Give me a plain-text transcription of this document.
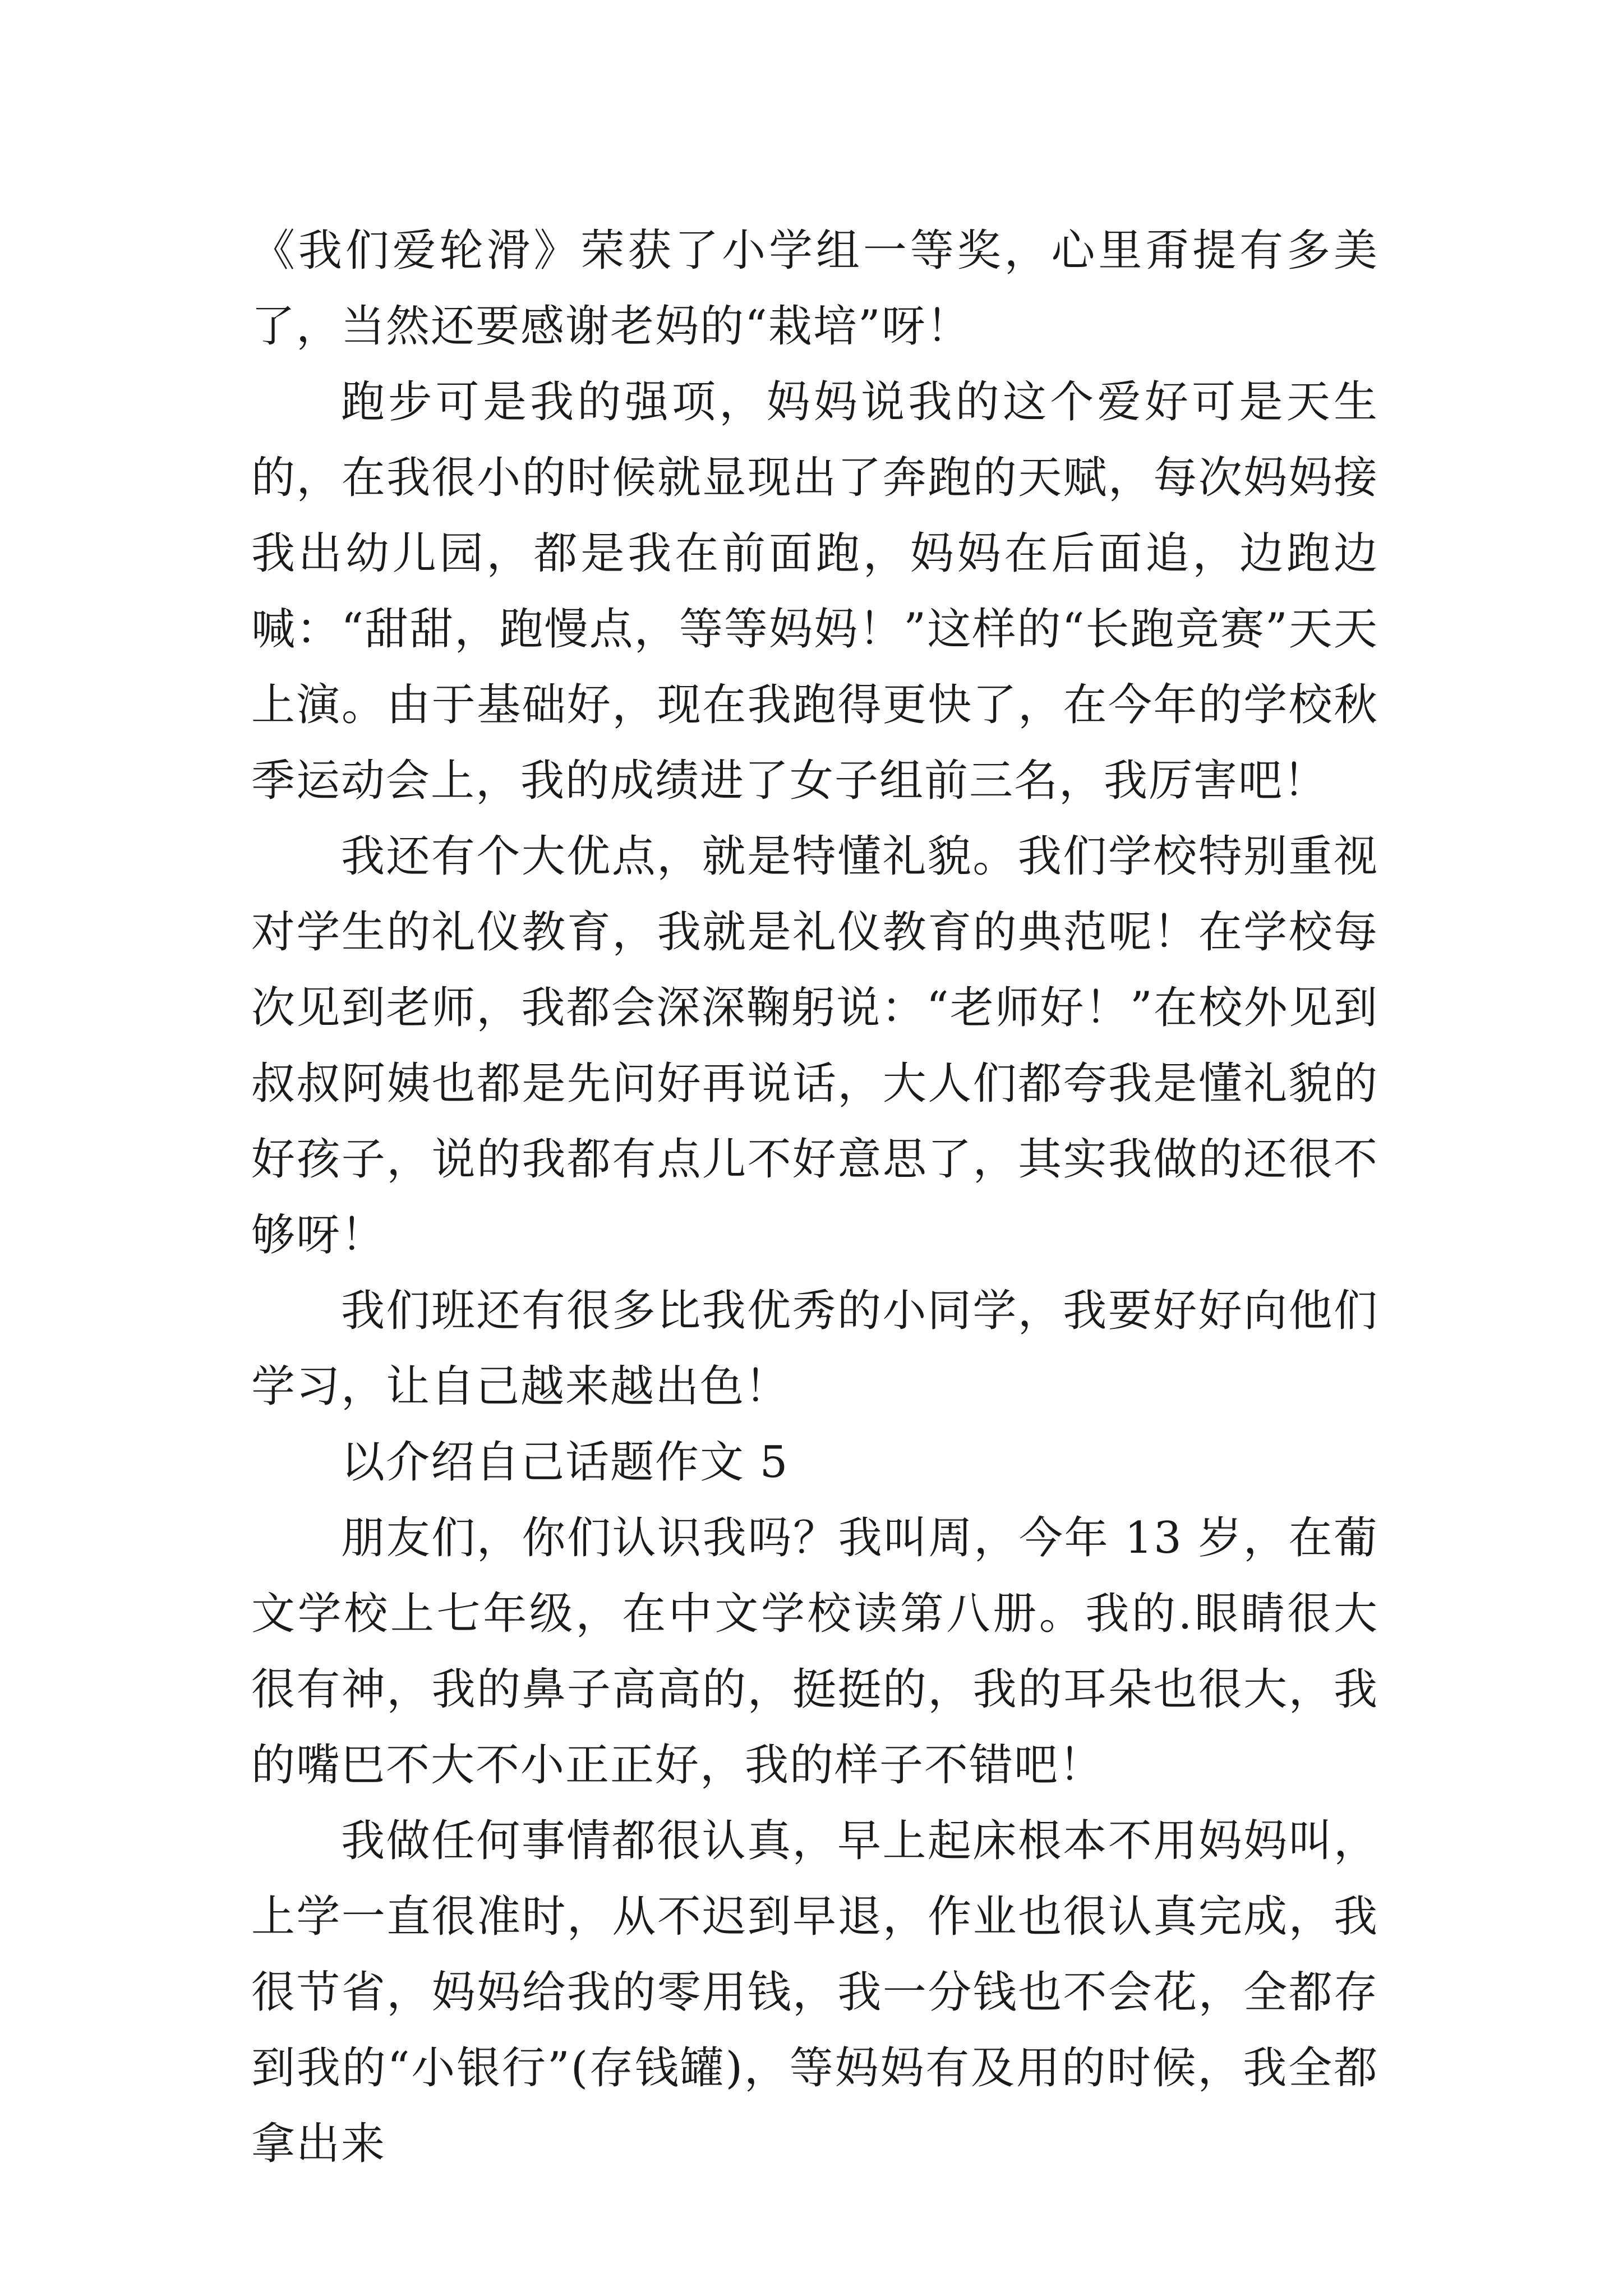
《我们爱轮滑》荣获了小学组一等奖，心里甭提有多美了，当然还要感谢老妈的“栽培”呀！

跑步可是我的强项，妈妈说我的这个爱好可是天生的，在我很小的时候就显现出了奔跑的天赋，每次妈妈接我出幼儿园，都是我在前面跑，妈妈在后面追，边跑边喊：“甜甜，跑慢点，等等妈妈！”这样的“长跑竞赛”天天上演。由于基础好，现在我跑得更快了，在今年的学校秋季运动会上，我的成绩进了女子组前三名，我厉害吧！

我还有个大优点，就是特懂礼貌。我们学校特别重视对学生的礼仪教育，我就是礼仪教育的典范呢！在学校每次见到老师，我都会深深鞠躬说：“老师好！”在校外见到叔叔阿姨也都是先问好再说话，大人们都夸我是懂礼貌的好孩子，说的我都有点儿不好意思了，其实我做的还很不够呀！

我们班还有很多比我优秀的小同学，我要好好向他们学习，让自己越来越出色！

以介绍自己话题作文 5

朋友们，你们认识我吗？我叫周，今年 13 岁，在葡文学校上七年级，在中文学校读第八册。我的.眼睛很大很有神，我的鼻子高高的，挺挺的，我的耳朵也很大，我的嘴巴不大不小正正好，我的样子不错吧！

我做任何事情都很认真，早上起床根本不用妈妈叫，上学一直很准时，从不迟到早退，作业也很认真完成，我很节省，妈妈给我的零用钱，我一分钱也不会花，全都存到我的“小银行”(存钱罐)，等妈妈有及用的时候，我全都拿出来
